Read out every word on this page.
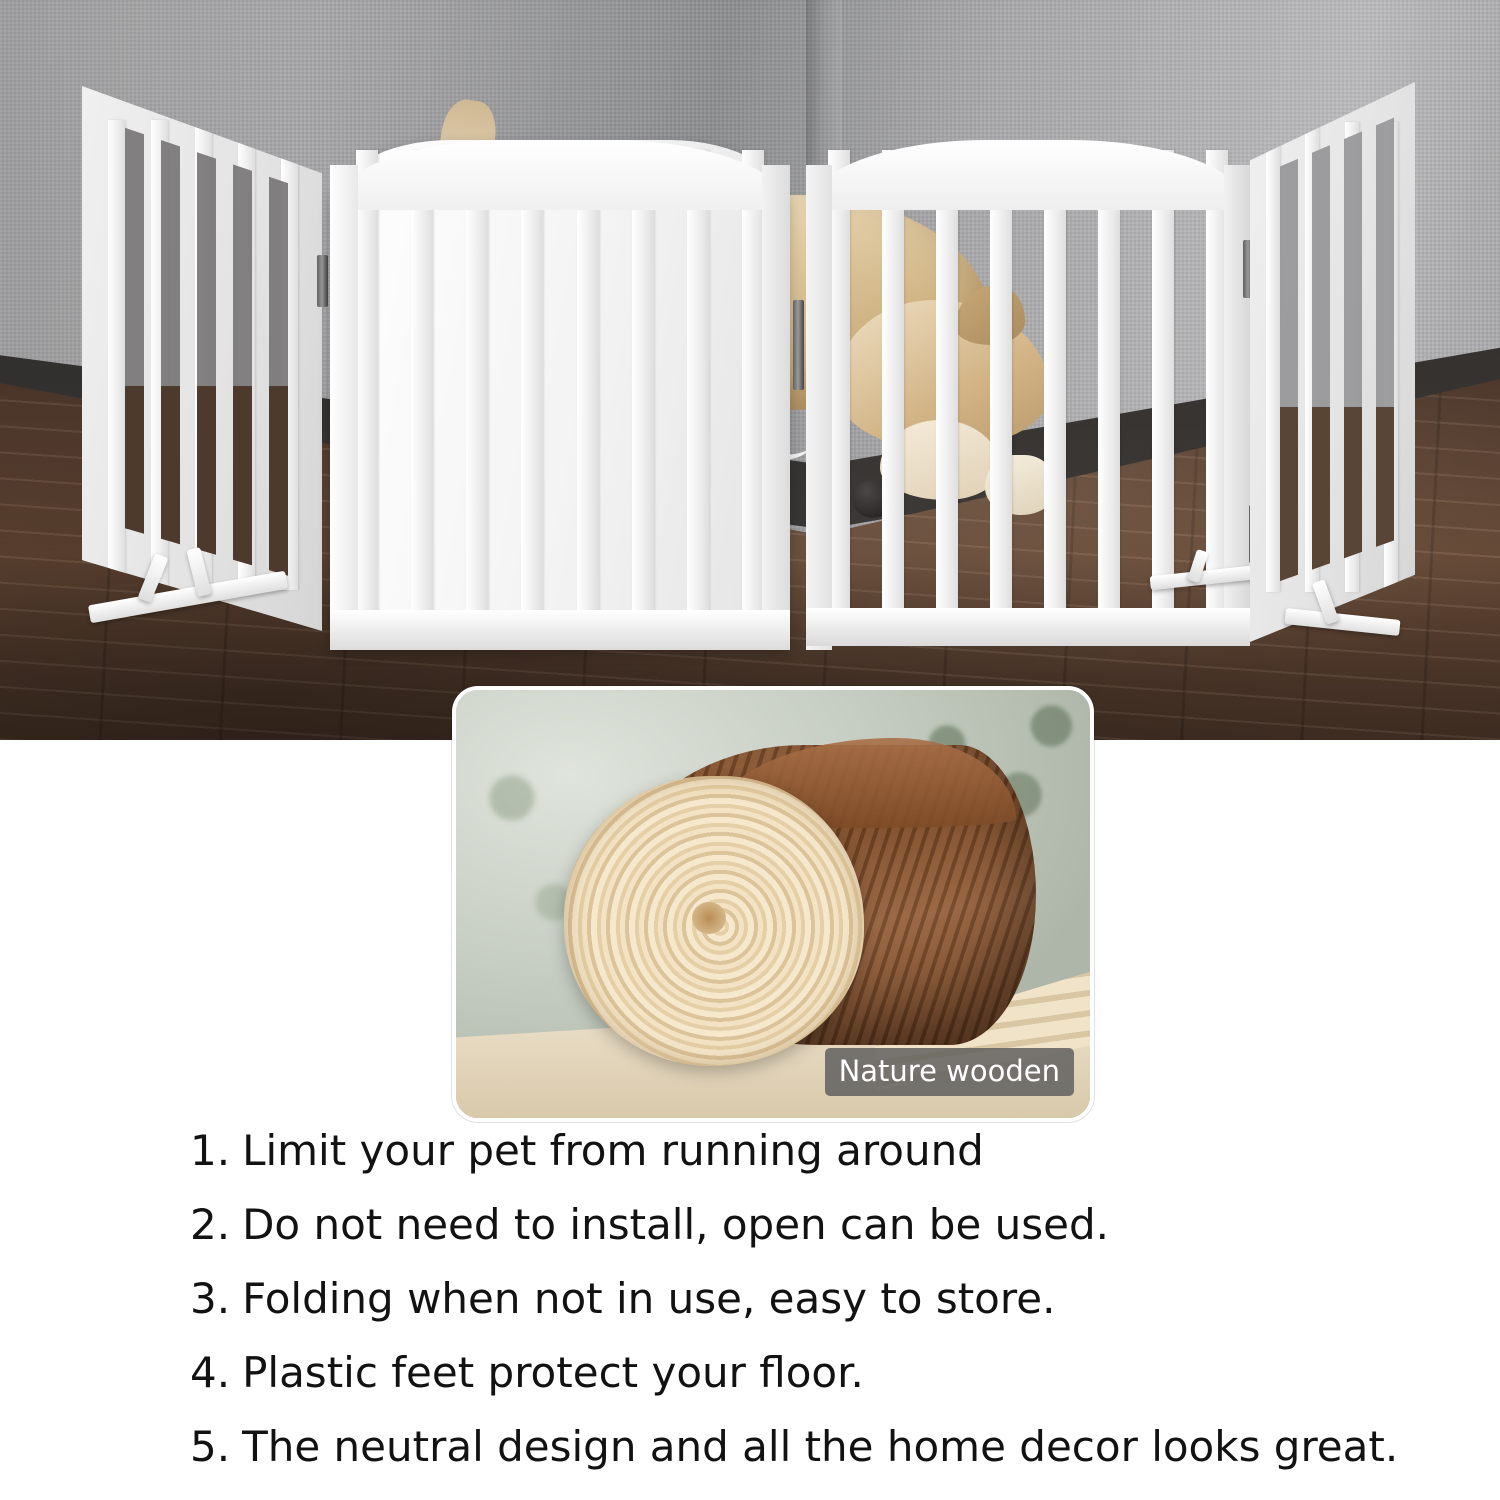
Nature wooden
1. Limit your pet from running around
2. Do not need to install, open can be used.
3. Folding when not in use, easy to store.
4. Plastic feet protect your floor.
5. The neutral design and all the home decor looks great.
